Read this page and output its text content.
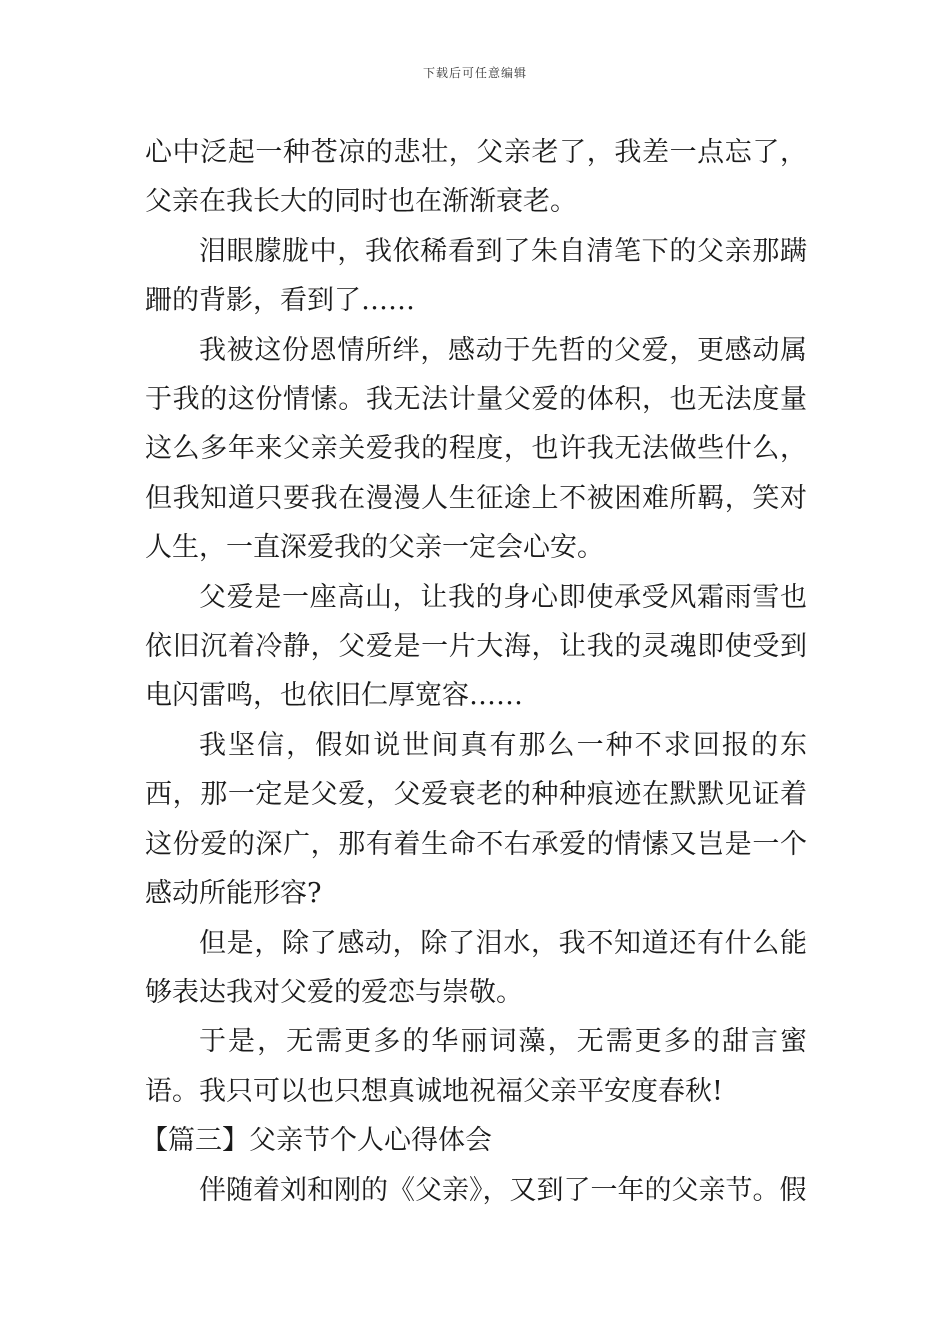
下载后可任意编辑

心中泛起一种苍凉的悲壮，父亲老了，我差一点忘了，父亲在我长大的同时也在渐渐衰老。

泪眼朦胧中，我依稀看到了朱自清笔下的父亲那蹒跚的背影，看到了……

我被这份恩情所绊，感动于先哲的父爱，更感动属于我的这份情愫。我无法计量父爱的体积，也无法度量这么多年来父亲关爱我的程度，也许我无法做些什么，但我知道只要我在漫漫人生征途上不被困难所羁，笑对人生，一直深爱我的父亲一定会心安。

父爱是一座高山，让我的身心即使承受风霜雨雪也依旧沉着冷静，父爱是一片大海，让我的灵魂即使受到电闪雷鸣，也依旧仁厚宽容……

我坚信，假如说世间真有那么一种不求回报的东西，那一定是父爱，父爱衰老的种种痕迹在默默见证着这份爱的深广，那有着生命不右承爱的情愫又岂是一个感动所能形容?

但是，除了感动，除了泪水，我不知道还有什么能够表达我对父爱的爱恋与崇敬。

于是，无需更多的华丽词藻，无需更多的甜言蜜语。我只可以也只想真诚地祝福父亲平安度春秋!

【篇三】父亲节个人心得体会

伴随着刘和刚的《父亲》，又到了一年的父亲节。假
